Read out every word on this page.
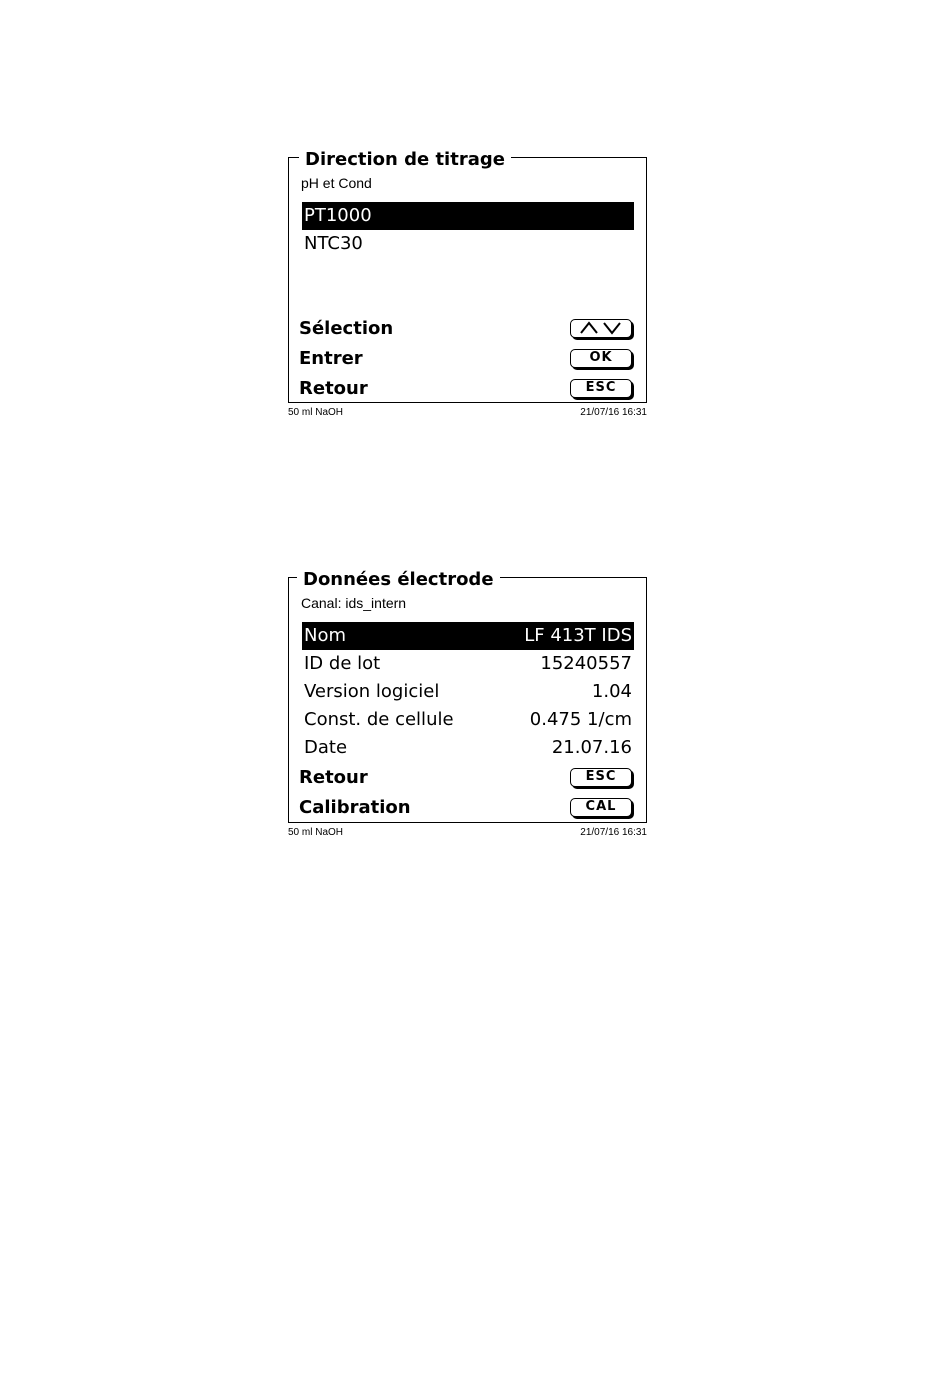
Direction de titrage
pH et Cond
PT1000
NTC30
Sélection
Entrer	OK
Retour	ESC
50 ml NaOH	21/07/16 16:31
Données électrode
Canal: ids_intern
Nom	LF 413T IDS
ID de lot	15240557
Version logiciel	1.04
Const. de cellule	0.475 1/cm
Date	21.07.16
Retour	ESC
Calibration	CAL
50 ml NaOH	21/07/16 16:31
